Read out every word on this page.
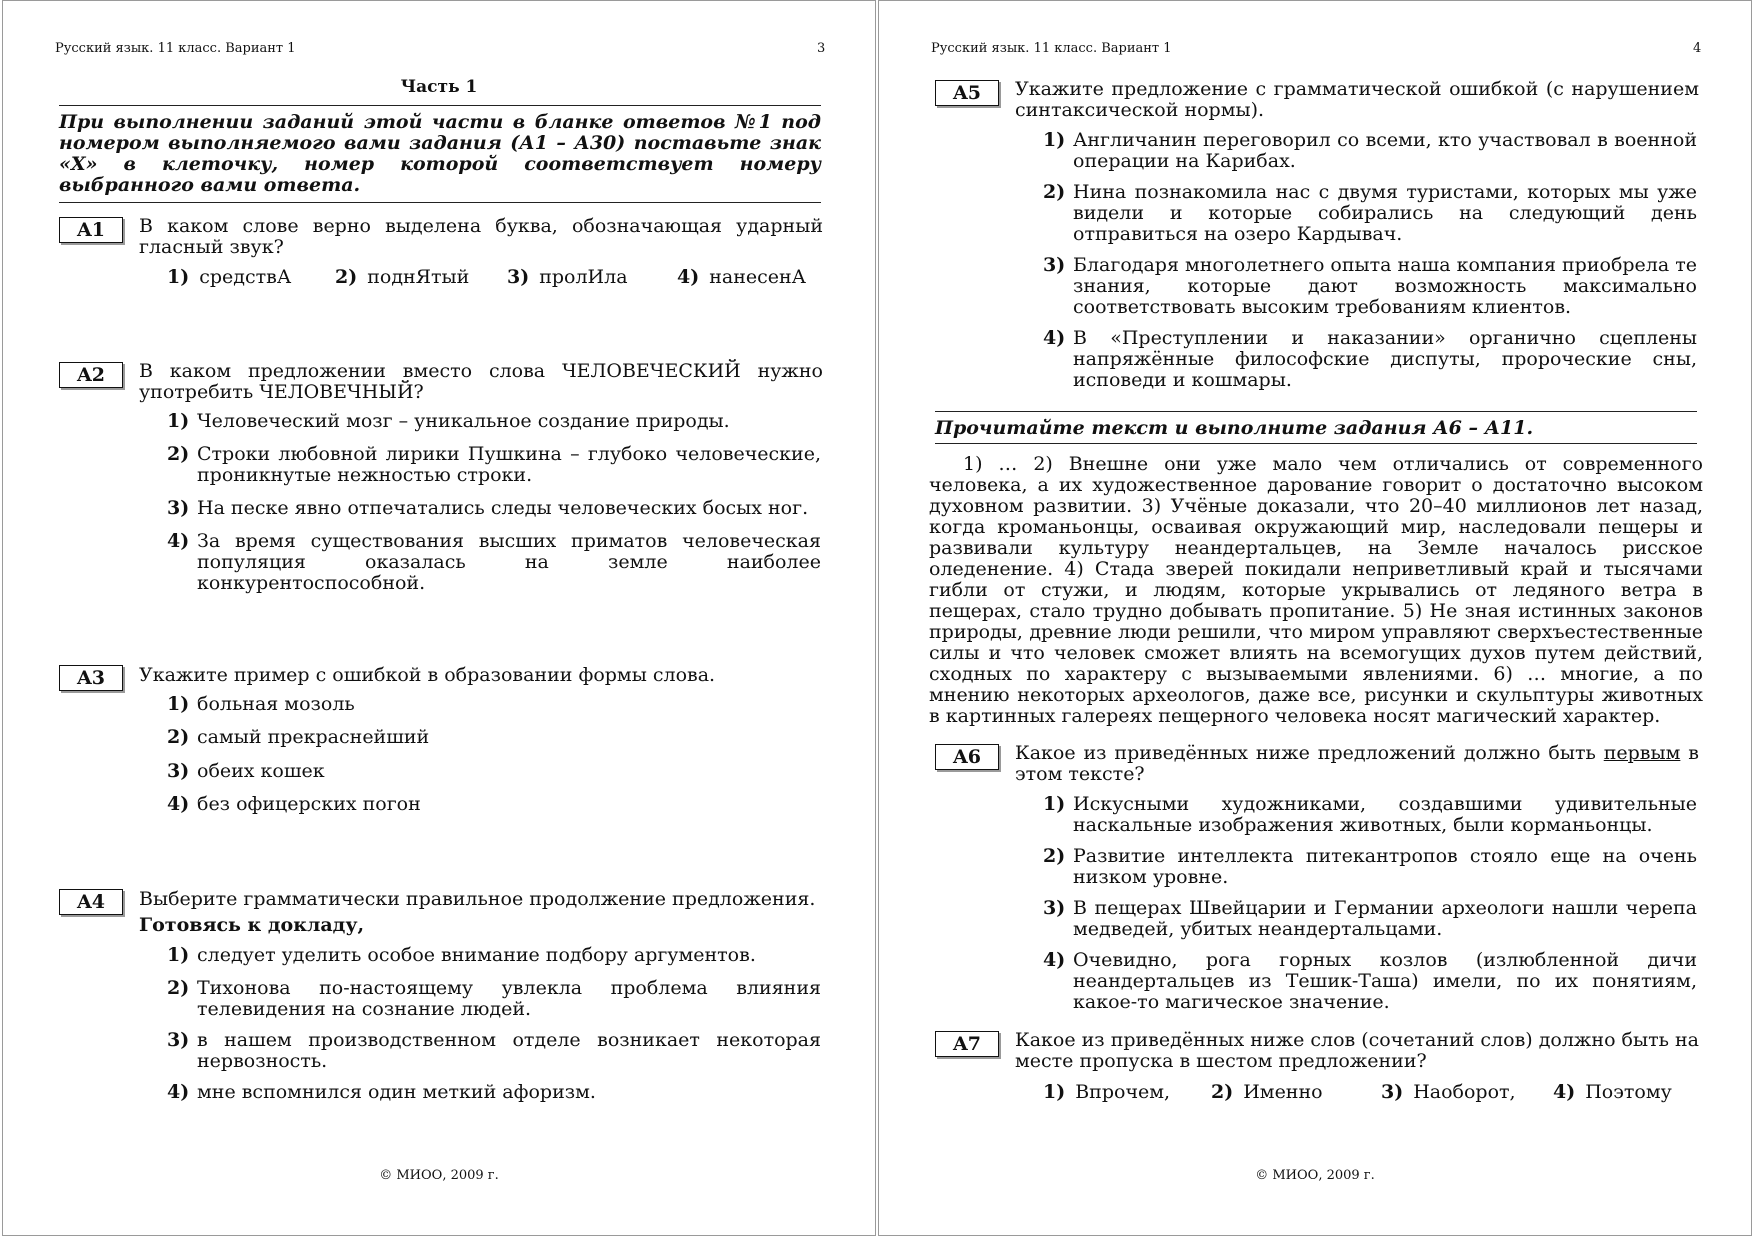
Русский язык. 11 класс. Вариант 1	3
Часть 1
При выполнении заданий этой части в бланке ответов №1 под номером выполняемого вами задания (А1 – А30) поставьте знак «Х» в клеточку, номер которой соответствует номеру выбранного вами ответа.
A1	В каком слове верно выделена буква, обозначающая ударный гласный звук?
1) средствА	2) поднЯтый	3) пролИла	4) нанесенА
A2	В каком предложении вместо слова ЧЕЛОВЕЧЕСКИЙ нужно употребить ЧЕЛОВЕЧНЫЙ?
1) Человеческий мозг – уникальное создание природы.
2) Строки любовной лирики Пушкина – глубоко человеческие, проникнутые нежностью строки.
3) На песке явно отпечатались следы человеческих босых ног.
4) За время существования высших приматов человеческая популяция оказалась на земле наиболее конкурентоспособной.
A3	Укажите пример с ошибкой в образовании формы слова.
1) больная мозоль
2) самый прекраснейший
3) обеих кошек
4) без офицерских погон
A4	Выберите грамматически правильное продолжение предложения.
Готовясь к докладу,
1) следует уделить особое внимание подбору аргументов.
2) Тихонова по-настоящему увлекла проблема влияния телевидения на сознание людей.
3) в нашем производственном отделе возникает некоторая нервозность.
4) мне вспомнился один меткий афоризм.
© МИОО, 2009 г.
Русский язык. 11 класс. Вариант 1	4
A5	Укажите предложение с грамматической ошибкой (с нарушением синтаксической нормы).
1) Англичанин переговорил со всеми, кто участвовал в военной операции на Карибах.
2) Нина познакомила нас с двумя туристами, которых мы уже видели и которые собирались на следующий день отправиться на озеро Кардывач.
3) Благодаря многолетнего опыта наша компания приобрела те знания, которые дают возможность максимально соответствовать высоким требованиям клиентов.
4) В «Преступлении и наказании» органично сцеплены напряжённые философские диспуты, пророческие сны, исповеди и кошмары.
Прочитайте текст и выполните задания А6 – А11.
1) … 2) Внешне они уже мало чем отличались от современного человека, а их художественное дарование говорит о достаточно высоком духовном развитии. 3) Учёные доказали, что 20–40 миллионов лет назад, когда кроманьонцы, осваивая окружающий мир, наследовали пещеры и развивали культуру неандертальцев, на Земле началось рисское оледенение. 4) Стада зверей покидали неприветливый край и тысячами гибли от стужи, и людям, которые укрывались от ледяного ветра в пещерах, стало трудно добывать пропитание. 5) Не зная истинных законов природы, древние люди решили, что миром управляют сверхъестественные силы и что человек сможет влиять на всемогущих духов путем действий, сходных по характеру с вызываемыми явлениями. 6) … многие, а по мнению некоторых археологов, даже все, рисунки и скульптуры животных в картинных галереях пещерного человека носят магический характер.
A6	Какое из приведённых ниже предложений должно быть первым в этом тексте?
1) Искусными художниками, создавшими удивительные наскальные изображения животных, были корманьонцы.
2) Развитие интеллекта питекантропов стояло еще на очень низком уровне.
3) В пещерах Швейцарии и Германии археологи нашли черепа медведей, убитых неандертальцами.
4) Очевидно, рога горных козлов (излюбленной дичи неандертальцев из Тешик-Таша) имели, по их понятиям, какое-то магическое значение.
A7	Какое из приведённых ниже слов (сочетаний слов) должно быть на месте пропуска в шестом предложении?
1) Впрочем,	2) Именно	3) Наоборот,	4) Поэтому
© МИОО, 2009 г.
